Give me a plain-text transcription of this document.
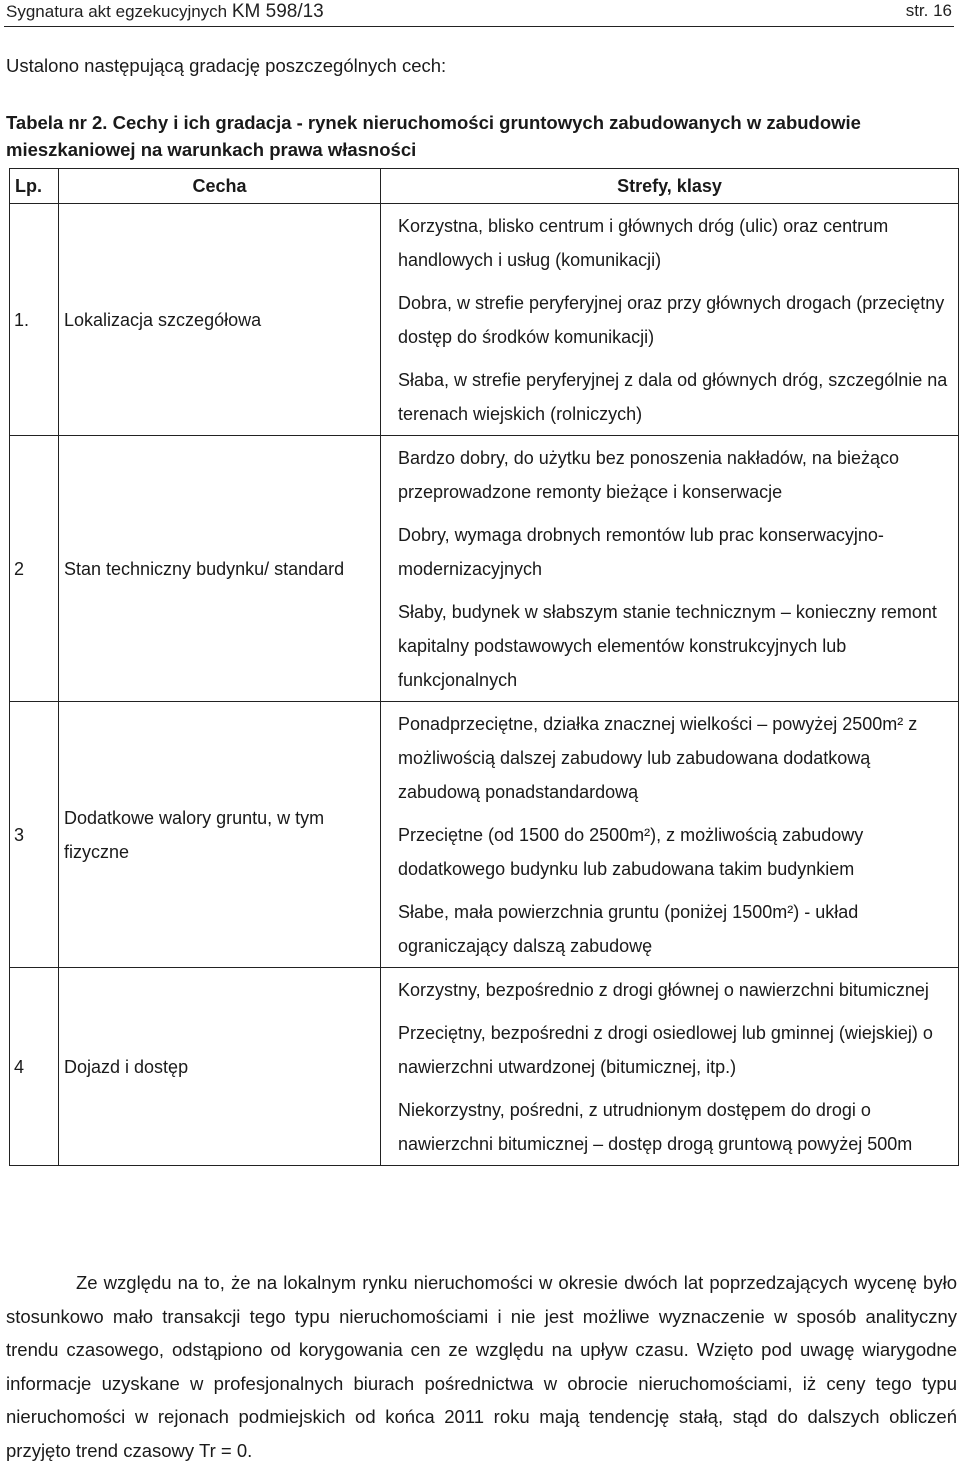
Sygnatura akt egzekucyjnych KM 598/13	str. 16
Ustalono następującą gradację poszczególnych cech:
Tabela nr 2. Cechy i ich gradacja - rynek nieruchomości gruntowych zabudowanych w zabudowie mieszkaniowej na warunkach prawa własności
Lp.	Cecha	Strefy, klasy
1.	Lokalizacja szczegółowa	Korzystna, blisko centrum i głównych dróg (ulic) oraz centrum handlowych i usług (komunikacji)

		Dobra, w strefie peryferyjnej oraz przy głównych drogach (przeciętny dostęp do środków komunikacji)

		Słaba, w strefie peryferyjnej z dala od głównych dróg, szczególnie na terenach wiejskich (rolniczych)

2	Stan techniczny budynku/ standard	Bardzo dobry, do użytku bez ponoszenia nakładów, na bieżąco przeprowadzone remonty bieżące i konserwacje

		Dobry, wymaga drobnych remontów lub prac konserwacyjno-modernizacyjnych

		Słaby, budynek w słabszym stanie technicznym – konieczny remont kapitalny podstawowych elementów konstrukcyjnych lub funkcjonalnych

3	Dodatkowe walory gruntu, w tym fizyczne	Ponadprzeciętne, działka znacznej wielkości – powyżej 2500m² z możliwością dalszej zabudowy lub zabudowana dodatkową zabudową ponadstandardową

		Przeciętne (od 1500 do 2500m²), z możliwością zabudowy dodatkowego budynku lub zabudowana takim budynkiem

		Słabe, mała powierzchnia gruntu (poniżej 1500m²) - układ ograniczający dalszą zabudowę

4	Dojazd i dostęp	Korzystny, bezpośrednio z drogi głównej o nawierzchni bitumicznej

		Przeciętny, bezpośredni z drogi osiedlowej lub gminnej (wiejskiej) o nawierzchni utwardzonej (bitumicznej, itp.)

		Niekorzystny, pośredni, z utrudnionym dostępem do drogi o nawierzchni bitumicznej – dostęp drogą gruntową powyżej 500m

Ze względu na to, że na lokalnym rynku nieruchomości w okresie dwóch lat poprzedzających wycenę było stosunkowo mało transakcji tego typu nieruchomościami i nie jest możliwe wyznaczenie w sposób analityczny trendu czasowego, odstąpiono od korygowania cen ze względu na upływ czasu. Wzięto pod uwagę wiarygodne informacje uzyskane w profesjonalnych biurach pośrednictwa w obrocie nieruchomościami, iż ceny tego typu nieruchomości w rejonach podmiejskich od końca 2011 roku mają tendencję stałą, stąd do dalszych obliczeń przyjęto trend czasowy Tr = 0.
